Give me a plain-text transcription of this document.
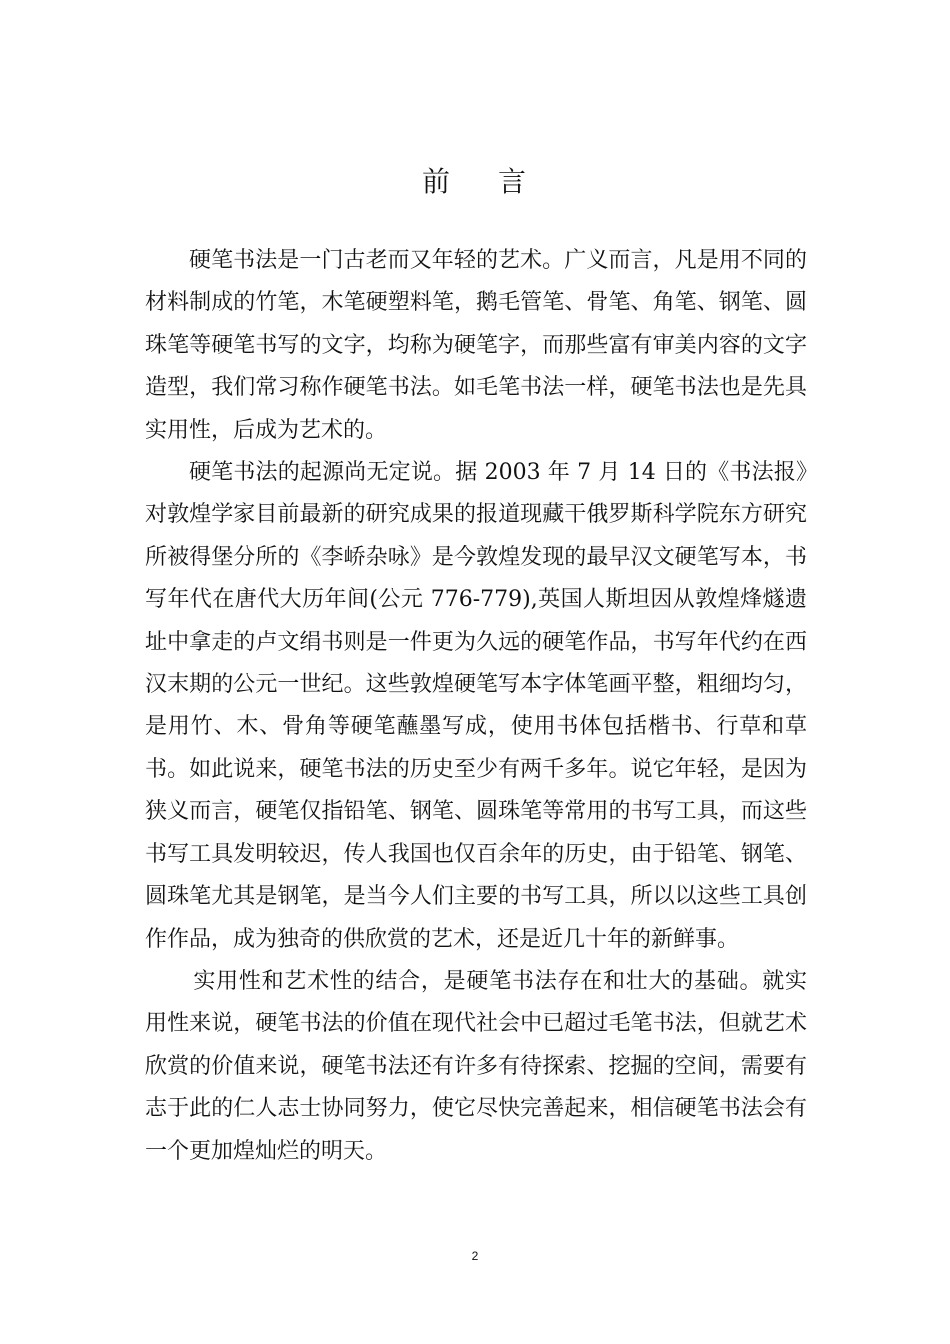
前 言

硬笔书法是一门古老而又年轻的艺术。广义而言，凡是用不同的材料制成的竹笔，木笔硬塑料笔，鹅毛管笔、骨笔、角笔、钢笔、圆珠笔等硬笔书写的文字，均称为硬笔字，而那些富有审美内容的文字造型，我们常习称作硬笔书法。如毛笔书法一样，硬笔书法也是先具实用性，后成为艺术的。

硬笔书法的起源尚无定说。据 2003 年 7 月 14 日的《书法报》对敦煌学家目前最新的研究成果的报道现藏干俄罗斯科学院东方研究所被得堡分所的《李峤杂咏》是今敦煌发现的最早汉文硬笔写本，书写年代在唐代大历年间(公元 776-779),英国人斯坦因从敦煌烽燧遗址中拿走的卢文绢书则是一件更为久远的硬笔作品，书写年代约在西汉末期的公元一世纪。这些敦煌硬笔写本字体笔画平整，粗细均匀，是用竹、木、骨角等硬笔蘸墨写成，使用书体包括楷书、行草和草书。如此说来，硬笔书法的历史至少有两千多年。说它年轻，是因为狭义而言，硬笔仅指铅笔、钢笔、圆珠笔等常用的书写工具，而这些书写工具发明较迟，传人我国也仅百余年的历史，由于铅笔、钢笔、圆珠笔尤其是钢笔，是当今人们主要的书写工具，所以以这些工具创作作品，成为独奇的供欣赏的艺术，还是近几十年的新鲜事。

实用性和艺术性的结合，是硬笔书法存在和壮大的基础。就实用性来说，硬笔书法的价值在现代社会中已超过毛笔书法，但就艺术欣赏的价值来说，硬笔书法还有许多有待探索、挖掘的空间，需要有志于此的仁人志士协同努力，使它尽快完善起来，相信硬笔书法会有一个更加煌灿烂的明天。

2
